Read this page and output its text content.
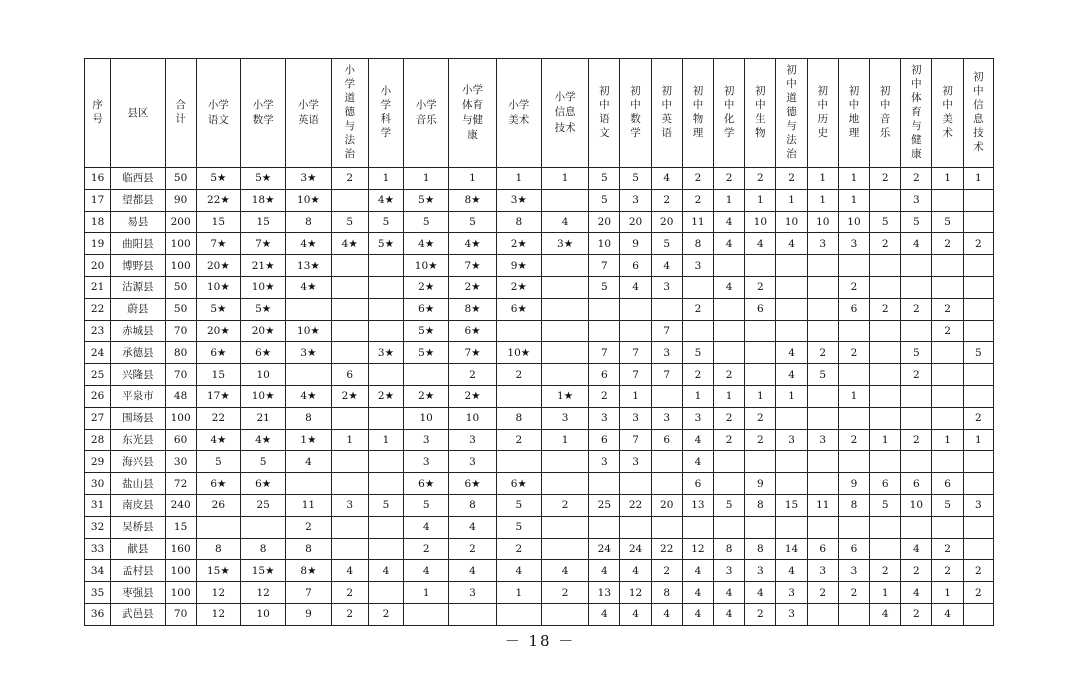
序号	县区	合计	小学语文	小学数学	小学英语	小学道德与法治	小学科学	小学音乐	小学体育与健康	小学美术	小学信息技术	初中语文	初中数学	初中英语	初中物理	初中化学	初中生物	初中道德与法治	初中历史	初中地理	初中音乐	初中体育与健康	初中美术	初中信息技术
16	临西县	50	5★	5★	3★	2	1	1	1	1	1	5	5	4	2	2	2	2	1	1	2	2	1	1
17	望都县	90	22★	18★	10★		4★	5★	8★	3★		5	3	2	2	1	1	1	1	1		3		
18	易县	200	15	15	8	5	5	5	5	8	4	20	20	20	11	4	10	10	10	10	5	5	5	
19	曲阳县	100	7★	7★	4★	4★	5★	4★	4★	2★	3★	10	9	5	8	4	4	4	3	3	2	4	2	2
20	博野县	100	20★	21★	13★			10★	7★	9★		7	6	4	3									
21	沽源县	50	10★	10★	4★			2★	2★	2★		5	4	3		4	2			2				
22	蔚县	50	5★	5★				6★	8★	6★					2		6			6	2	2	2	
23	赤城县	70	20★	20★	10★			5★	6★					7									2	
24	承德县	80	6★	6★	3★		3★	5★	7★	10★		7	7	3	5			4	2	2		5		5
25	兴隆县	70	15	10		6			2	2		6	7	7	2	2		4	5			2		
26	平泉市	48	17★	10★	4★	2★	2★	2★	2★		1★	2	1		1	1	1	1		1				
27	围场县	100	22	21	8			10	10	8	3	3	3	3	3	2	2							2
28	东光县	60	4★	4★	1★	1	1	3	3	2	1	6	7	6	4	2	2	3	3	2	1	2	1	1
29	海兴县	30	5	5	4			3	3			3	3		4									
30	盐山县	72	6★	6★				6★	6★	6★					6		9			9	6	6	6	
31	南皮县	240	26	25	11	3	5	5	8	5	2	25	22	20	13	5	8	15	11	8	5	10	5	3
32	吴桥县	15			2			4	4	5														
33	献县	160	8	8	8			2	2	2		24	24	22	12	8	8	14	6	6		4	2	
34	孟村县	100	15★	15★	8★	4	4	4	4	4	4	4	4	2	4	3	3	4	3	3	2	2	2	2
35	枣强县	100	12	12	7	2		1	3	1	2	13	12	8	4	4	4	3	2	2	1	4	1	2
36	武邑县	70	12	10	9	2	2					4	4	4	4	4	2	3			4	2	4	
－ 18 －
